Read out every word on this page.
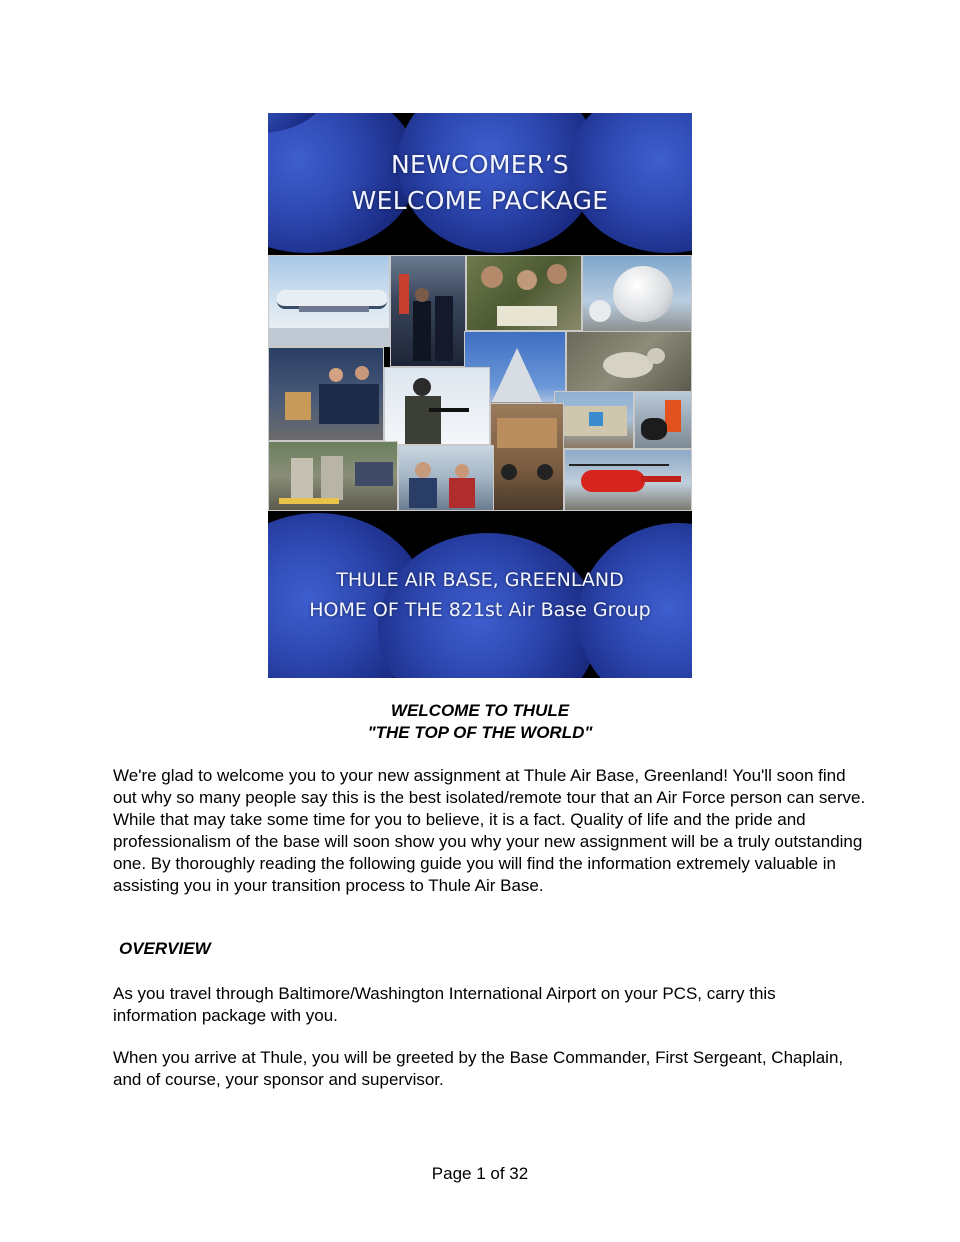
NEWCOMER’S
WELCOME PACKAGE
THULE AIR BASE, GREENLAND
HOME OF THE 821st Air Base Group
WELCOME TO THULE
"THE TOP OF THE WORLD"

We're glad to welcome you to your new assignment at Thule Air Base, Greenland! You'll soon find out why so many people say this is the best isolated/remote tour that an Air Force person can serve. While that may take some time for you to believe, it is a fact. Quality of life and the pride and professionalism of the base will soon show you why your new assignment will be a truly outstanding one. By thoroughly reading the following guide you will find the information extremely valuable in assisting you in your transition process to Thule Air Base.

OVERVIEW

As you travel through Baltimore/Washington International Airport on your PCS, carry this information package with you.

When you arrive at Thule, you will be greeted by the Base Commander, First Sergeant, Chaplain, and of course, your sponsor and supervisor.

Page 1 of 32
